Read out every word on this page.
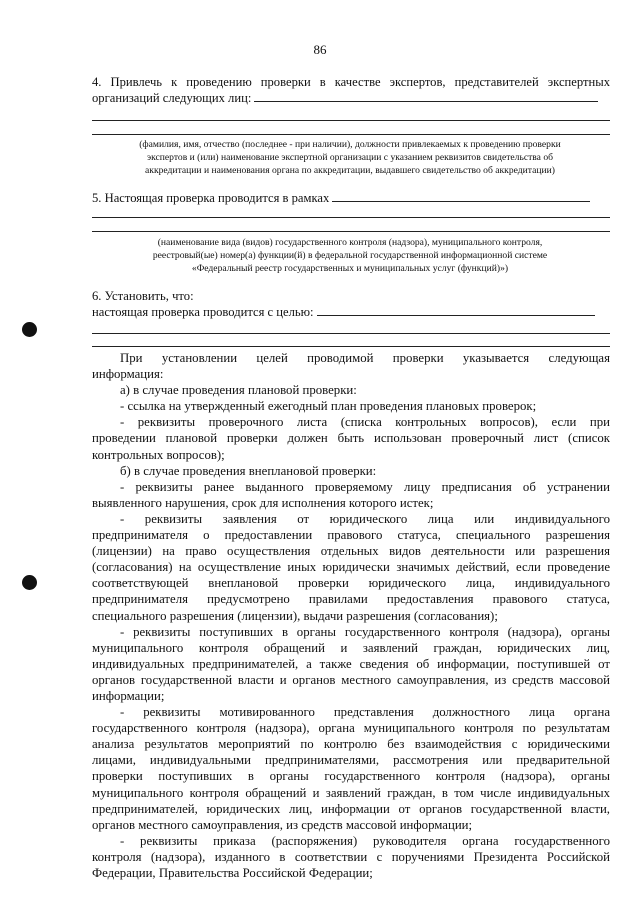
86
4. Привлечь к проведению проверки в качестве экспертов, представителей экспертных
организаций следующих лиц:
(фамилия, имя, отчество (последнее - при наличии), должности привлекаемых к проведению проверки
экспертов и (или) наименование экспертной организации с указанием реквизитов свидетельства об
аккредитации и наименования органа по аккредитации, выдавшего свидетельство об аккредитации)
5. Настоящая проверка проводится в рамках
(наименование вида (видов) государственного контроля (надзора), муниципального контроля,
реестровый(ые) номер(а) функции(й) в федеральной государственной информационной системе
«Федеральный реестр государственных и муниципальных услуг (функций)»)
6. Установить, что:
настоящая проверка проводится с целью:
При установлении целей проводимой проверки указывается следующая
информация:
а) в случае проведения плановой проверки:
- ссылка на утвержденный ежегодный план проведения плановых проверок;
- реквизиты проверочного листа (списка контрольных вопросов), если при
проведении плановой проверки должен быть использован проверочный лист (список
контрольных вопросов);
б) в случае проведения внеплановой проверки:
- реквизиты ранее выданного проверяемому лицу предписания об устранении
выявленного нарушения, срок для исполнения которого истек;
- реквизиты заявления от юридического лица или индивидуального
предпринимателя о предоставлении правового статуса, специального разрешения
(лицензии) на право осуществления отдельных видов деятельности или разрешения
(согласования) на осуществление иных юридически значимых действий, если проведение
соответствующей внеплановой проверки юридического лица, индивидуального
предпринимателя предусмотрено правилами предоставления правового статуса,
специального разрешения (лицензии), выдачи разрешения (согласования);
- реквизиты поступивших в органы государственного контроля (надзора), органы
муниципального контроля обращений и заявлений граждан, юридических лиц,
индивидуальных предпринимателей, а также сведения об информации, поступившей от
органов государственной власти и органов местного самоуправления, из средств массовой
информации;
- реквизиты мотивированного представления должностного лица органа
государственного контроля (надзора), органа муниципального контроля по результатам
анализа результатов мероприятий по контролю без взаимодействия с юридическими
лицами, индивидуальными предпринимателями, рассмотрения или предварительной
проверки поступивших в органы государственного контроля (надзора), органы
муниципального контроля обращений и заявлений граждан, в том числе индивидуальных
предпринимателей, юридических лиц, информации от органов государственной власти,
органов местного самоуправления, из средств массовой информации;
- реквизиты приказа (распоряжения) руководителя органа государственного
контроля (надзора), изданного в соответствии с поручениями Президента Российской
Федерации, Правительства Российской Федерации;
